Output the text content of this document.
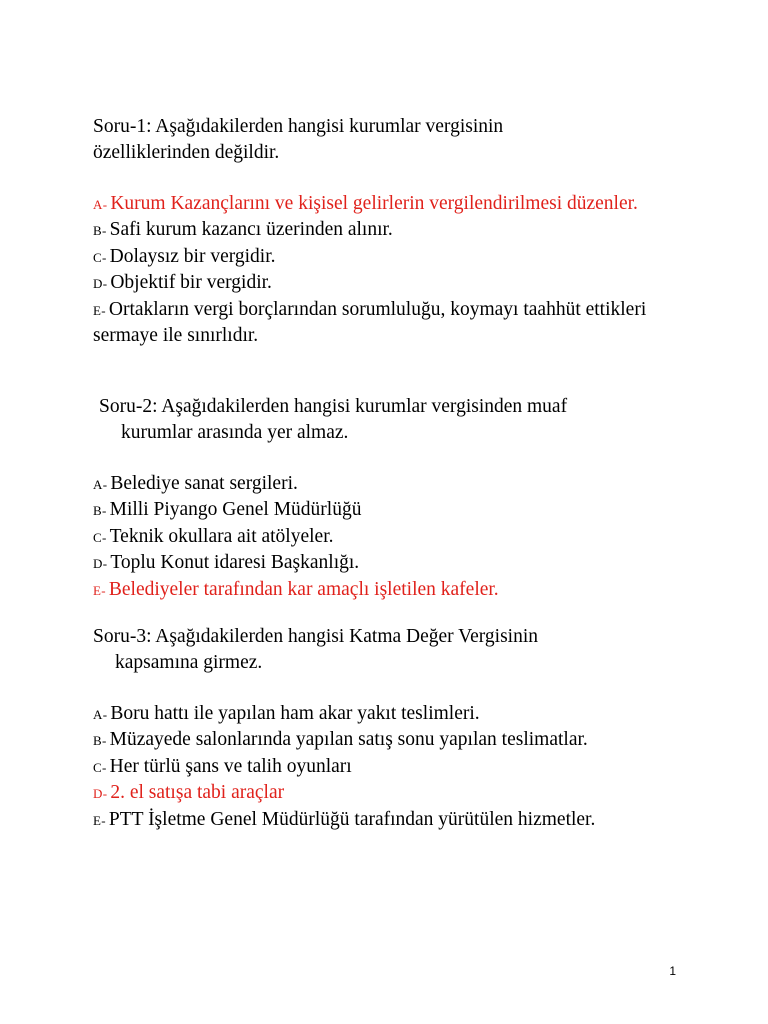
Soru-1: Aşağıdakilerden hangisi kurumlar vergisinin
özelliklerinden değildir.

A- Kurum Kazançlarını ve kişisel gelirlerin vergilendirilmesi düzenler.

B- Safi kurum kazancı üzerinden alınır.

C- Dolaysız bir vergidir.

D- Objektif bir vergidir.

E- Ortakların vergi borçlarından sorumluluğu, koymayı taahhüt ettikleri sermaye ile sınırlıdır.

Soru-2: Aşağıdakilerden hangisi kurumlar vergisinden muaf
kurumlar arasında yer almaz.

A- Belediye sanat sergileri.

B- Milli Piyango Genel Müdürlüğü

C- Teknik okullara ait atölyeler.

D- Toplu Konut idaresi Başkanlığı.

E- Belediyeler tarafından kar amaçlı işletilen kafeler.

Soru-3: Aşağıdakilerden hangisi Katma Değer Vergisinin
kapsamına girmez.

A- Boru hattı ile yapılan ham akar yakıt teslimleri.

B- Müzayede salonlarında yapılan satış sonu yapılan teslimatlar.

C- Her türlü şans ve talih oyunları

D- 2. el satışa tabi araçlar

E- PTT İşletme Genel Müdürlüğü tarafından yürütülen hizmetler.

1
